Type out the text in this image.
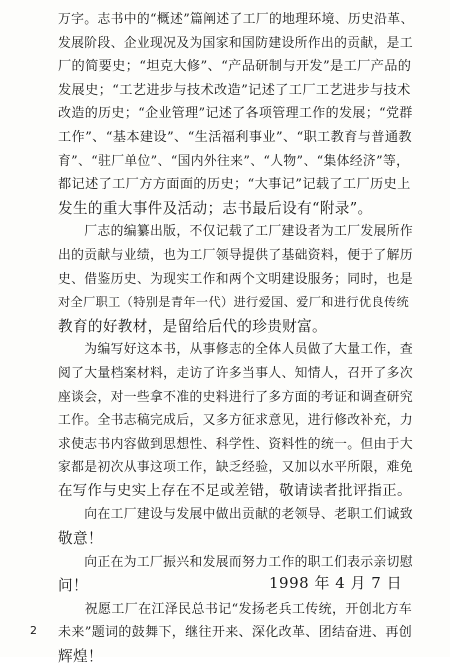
万字。志书中的“概述”篇阐述了工厂的地理环境、历史沿革、
发展阶段、企业现况及为国家和国防建设所作出的贡献，是工
厂的简要史；“坦克大修”、“产品研制与开发”是工厂产品的
发展史；“工艺进步与技术改造”记述了工厂工艺进步与技术
改造的历史；“企业管理”记述了各项管理工作的发展；“党群
工作”、“基本建设”、“生活福利事业”、“职工教育与普通教
育”、“驻厂单位”、“国内外往来”、“人物”、“集体经济”等，
都记述了工厂方方面面的历史；“大事记”记载了工厂历史上
发生的重大事件及活动；志书最后设有“附录”。
　　厂志的编纂出版，不仅记载了工厂建设者为工厂发展所作
出的贡献与业绩，也为工厂领导提供了基础资料，便于了解历
史、借鉴历史、为现实工作和两个文明建设服务；同时，也是
对全厂职工（特别是青年一代）进行爱国、爱厂和进行优良传统
教育的好教材，是留给后代的珍贵财富。
　　为编写好这本书，从事修志的全体人员做了大量工作，查
阅了大量档案材料，走访了许多当事人、知情人，召开了多次
座谈会，对一些拿不准的史料进行了多方面的考证和调查研究
工作。全书志稿完成后，又多方征求意见，进行修改补充，力
求使志书内容做到思想性、科学性、资料性的统一。但由于大
家都是初次从事这项工作，缺乏经验，又加以水平所限，难免
在写作与史实上存在不足或差错，敬请读者批评指正。
　　向在工厂建设与发展中做出贡献的老领导、老职工们诚致
敬意！
　　向正在为工厂振兴和发展而努力工作的职工们表示亲切慰
问！
　　祝愿工厂在江泽民总书记“发扬老兵工传统，开创北方车
未来”题词的鼓舞下，继往开来、深化改革、团结奋进、再创
辉煌！
1998 年 4 月 7 日
2
